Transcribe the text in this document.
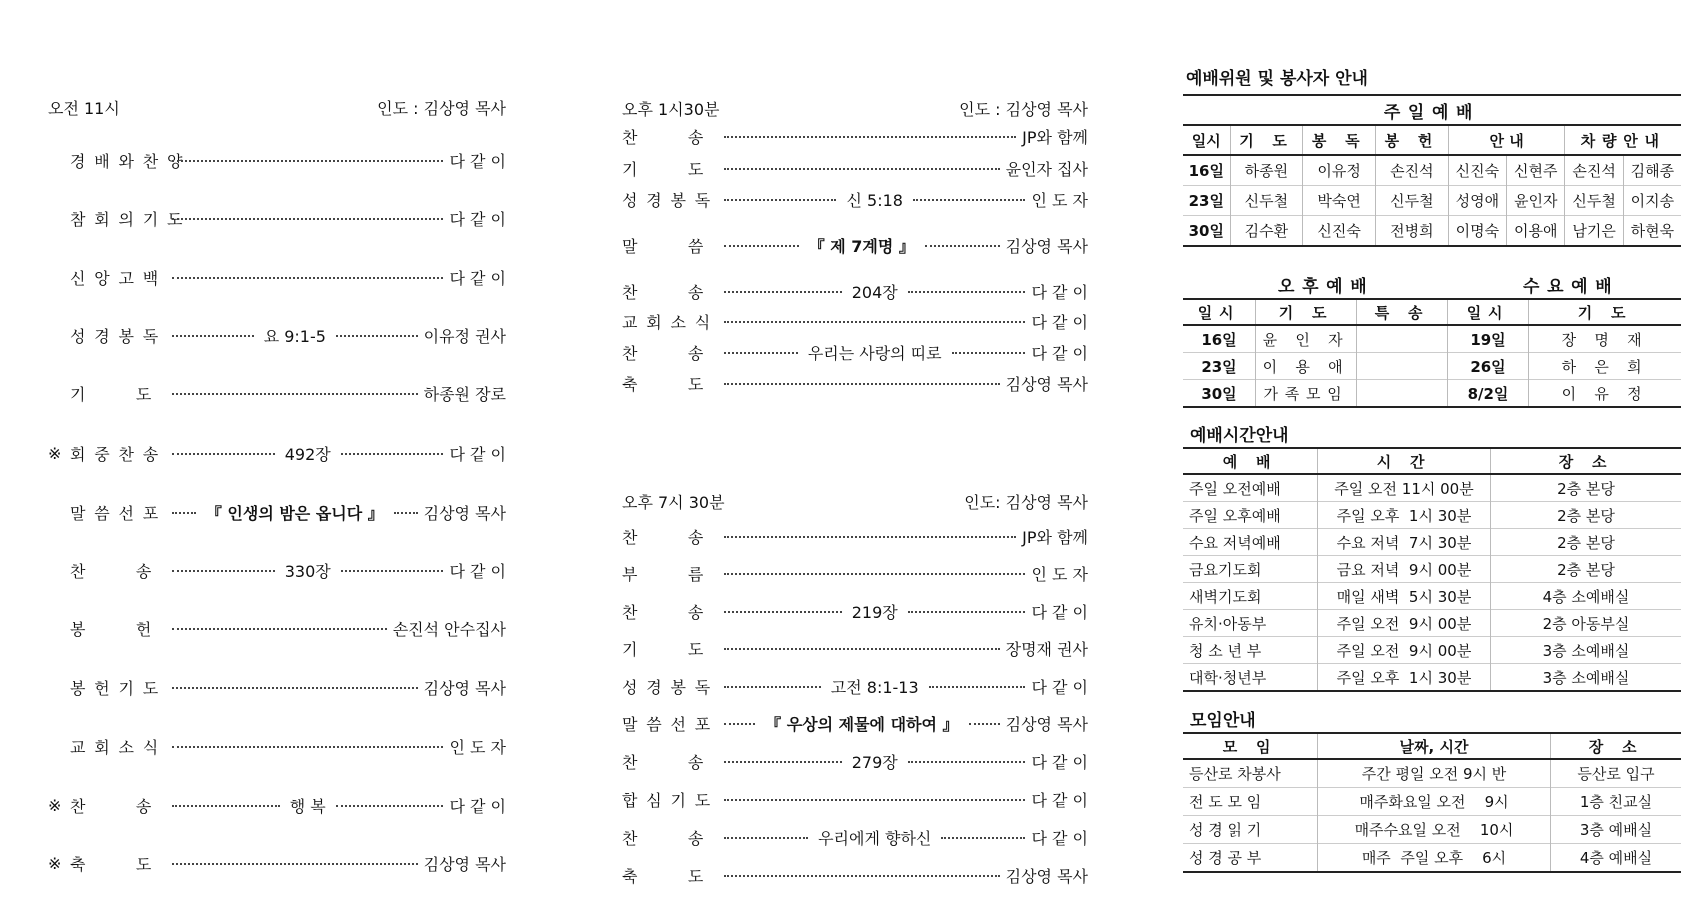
오전 11시	인도 : 김상영 목사
경배와찬양	다 같 이
참회의기도	다 같 이
신앙고백	다 같 이
성경봉독	요 9:1-5	이유정 권사
기   도	하종원 장로
※ 회중찬송	492장	다 같 이
말씀선포 『 인생의 밤은 옵니다 』 김상영 목사
찬   송	330장	다 같 이
봉   헌	손진석 안수집사
봉헌기도	김상영 목사
교회소식	인 도 자
※ 찬   송	행 복	다 같 이
※ 축   도	김상영 목사
오후 1시30분	인도 : 김상영 목사
찬   송	JP와 함께
기   도	윤인자 집사
성경봉독	신 5:18	인 도 자
말   씀	『 제 7계명 』	김상영 목사
찬   송	204장	다 같 이
교회소식	다 같 이
찬   송	우리는 사랑의 띠로	다 같 이
축   도	김상영 목사
오후 7시 30분	인도: 김상영 목사
찬   송	JP와 함께
부   름	인 도 자
찬   송	219장	다 같 이
기   도	장명재 권사
성경봉독	고전 8:1-13	다 같 이
말씀선포	『 우상의 제물에 대하여 』	김상영 목사
찬   송	279장	다 같 이
합심기도	다 같 이
찬   송	우리에게 향하신	다 같 이
축   도	김상영 목사
예배위원 및 봉사자 안내
주일예배							
일시	기 도	봉 독	봉 헌	안 내		차량안내	
16일	하종원	이유정	손진석	신진숙	신현주	손진석	김해종
23일	신두철	박숙연	신두철	성영애	윤인자	신두철	이지송
30일	김수환	신진숙	전병희	이명숙	이용애	남기은	하현욱
오후예배	수요예배
일시	기 도	특 송	일시	기 도
16일	윤 인 자		19일	장 명 재
23일	이 용 애		26일	하 은 희
30일	가족모임		8/2일	이 유 정
예배시간안내
예 배	시 간	장 소
주일 오전예배	주일 오전 11시 00분	2층 본당
주일 오후예배	주일 오후  1시 30분	2층 본당
수요 저녁예배	수요 저녁  7시 30분	2층 본당
금요기도회	금요 저녁  9시 00분	2층 본당
새벽기도회	매일 새벽  5시 30분	4층 소예배실
유치·아동부	주일 오전  9시 00분	2층 아동부실
청 소 년 부	주일 오전  9시 00분	3층 소예배실
대학·청년부	주일 오후  1시 30분	3층 소예배실
모임안내
모 임	날짜, 시간	장 소
등산로 차봉사	주간 평일 오전 9시 반	등산로 입구
전 도 모 임	매주화요일 오전    9시	1층 친교실
성 경 읽 기	매주수요일 오전    10시	3층 예배실
성 경 공 부	매주  주일 오후    6시	4층 예배실
